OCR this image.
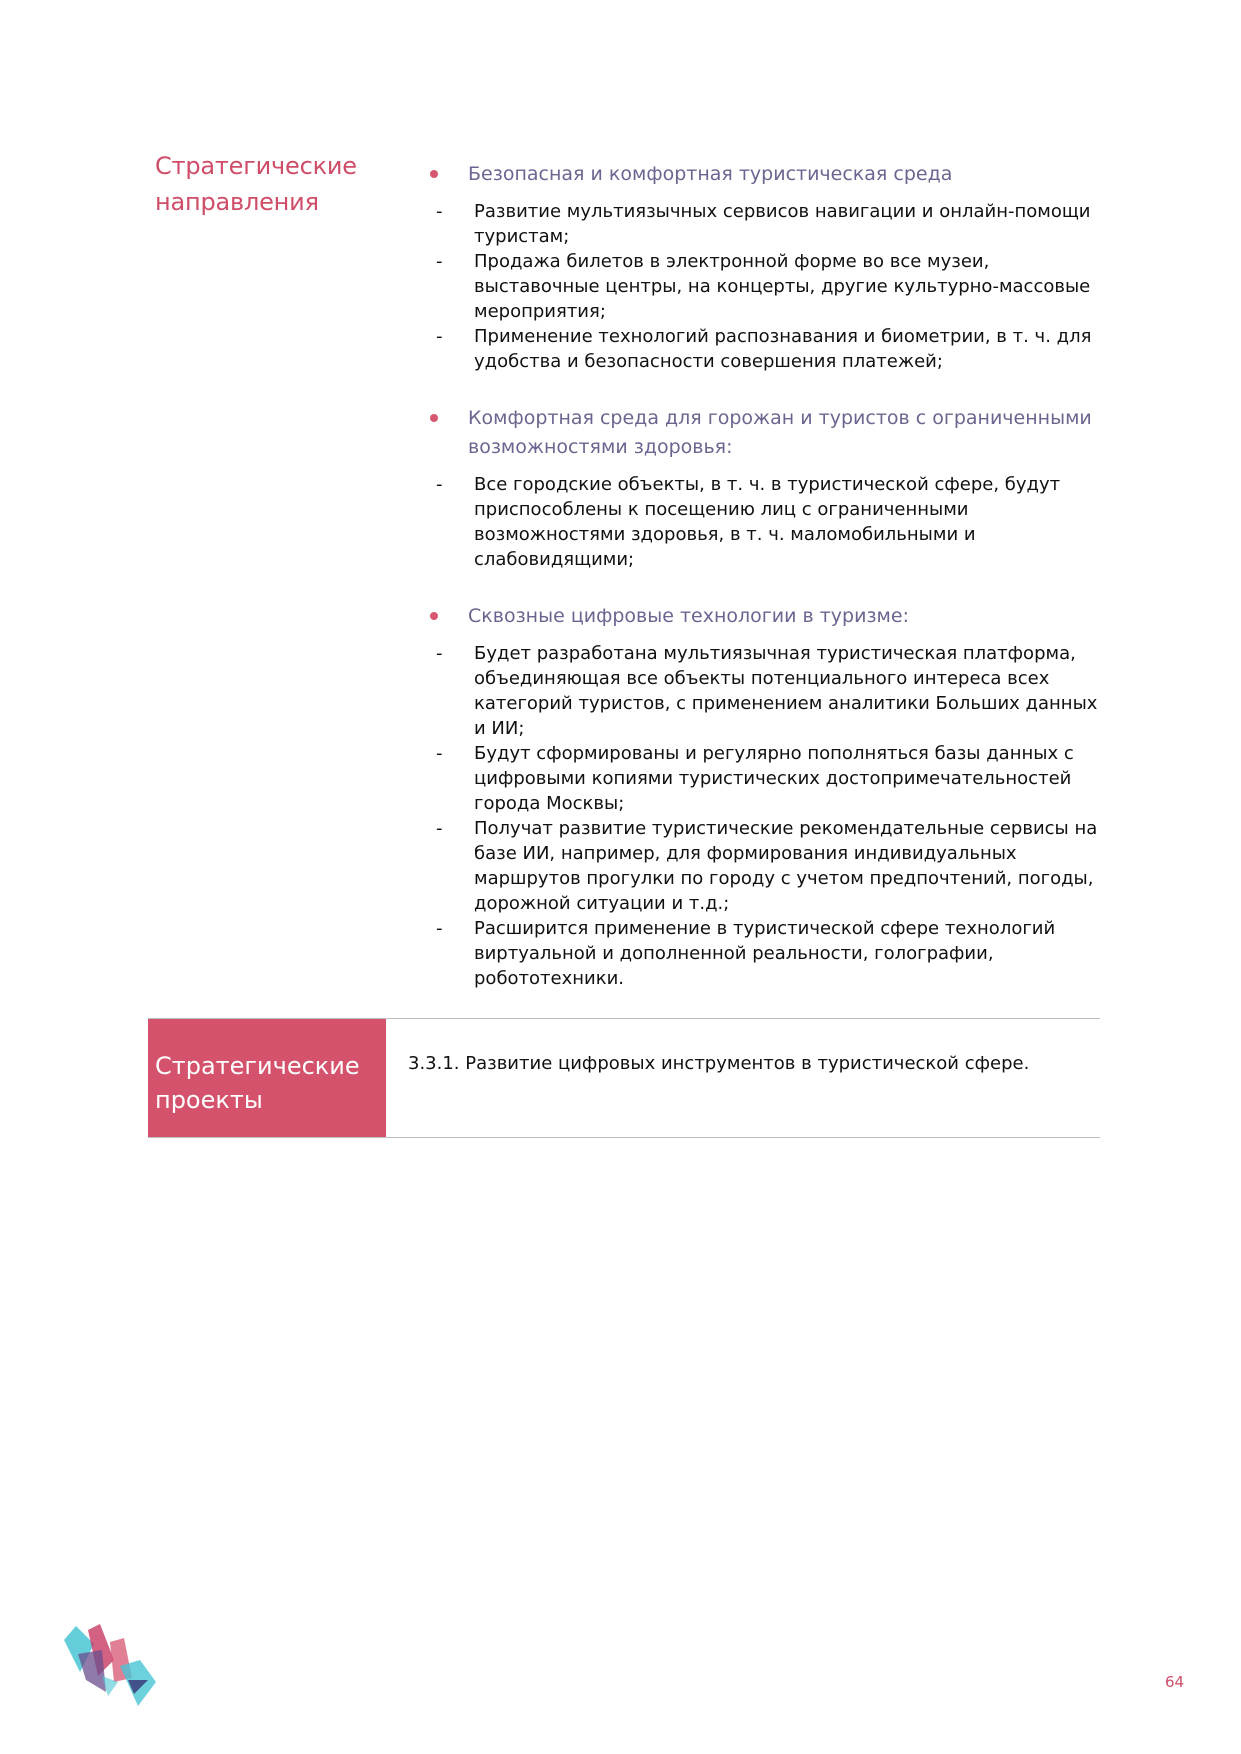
Стратегические направления
Безопасная и комфортная туристическая среда
- Развитие мультиязычных сервисов навигации и онлайн-помощи туристам;
- Продажа билетов в электронной форме во все музеи, выставочные центры, на концерты, другие культурно-массовые мероприятия;
- Применение технологий распознавания и биометрии, в т. ч. для удобства и безопасности совершения платежей;
Комфортная среда для горожан и туристов с ограниченными возможностями здоровья:
- Все городские объекты, в т. ч. в туристической сфере, будут приспособлены к посещению лиц с ограниченными возможностями здоровья, в т. ч. маломобильными и слабовидящими;
Сквозные цифровые технологии в туризме:
- Будет разработана мультиязычная туристическая платформа, объединяющая все объекты потенциального интереса всех категорий туристов, с применением аналитики Больших данных и ИИ;
- Будут сформированы и регулярно пополняться базы данных с цифровыми копиями туристических достопримечательностей города Москвы;
- Получат развитие туристические рекомендательные сервисы на базе ИИ, например, для формирования индивидуальных маршрутов прогулки по городу с учетом предпочтений, погоды, дорожной ситуации и т.д.;
- Расширится применение в туристической сфере технологий виртуальной и дополненной реальности, голографии, робототехники.
Стратегические проекты
3.3.1. Развитие цифровых инструментов в туристической сфере.
64
